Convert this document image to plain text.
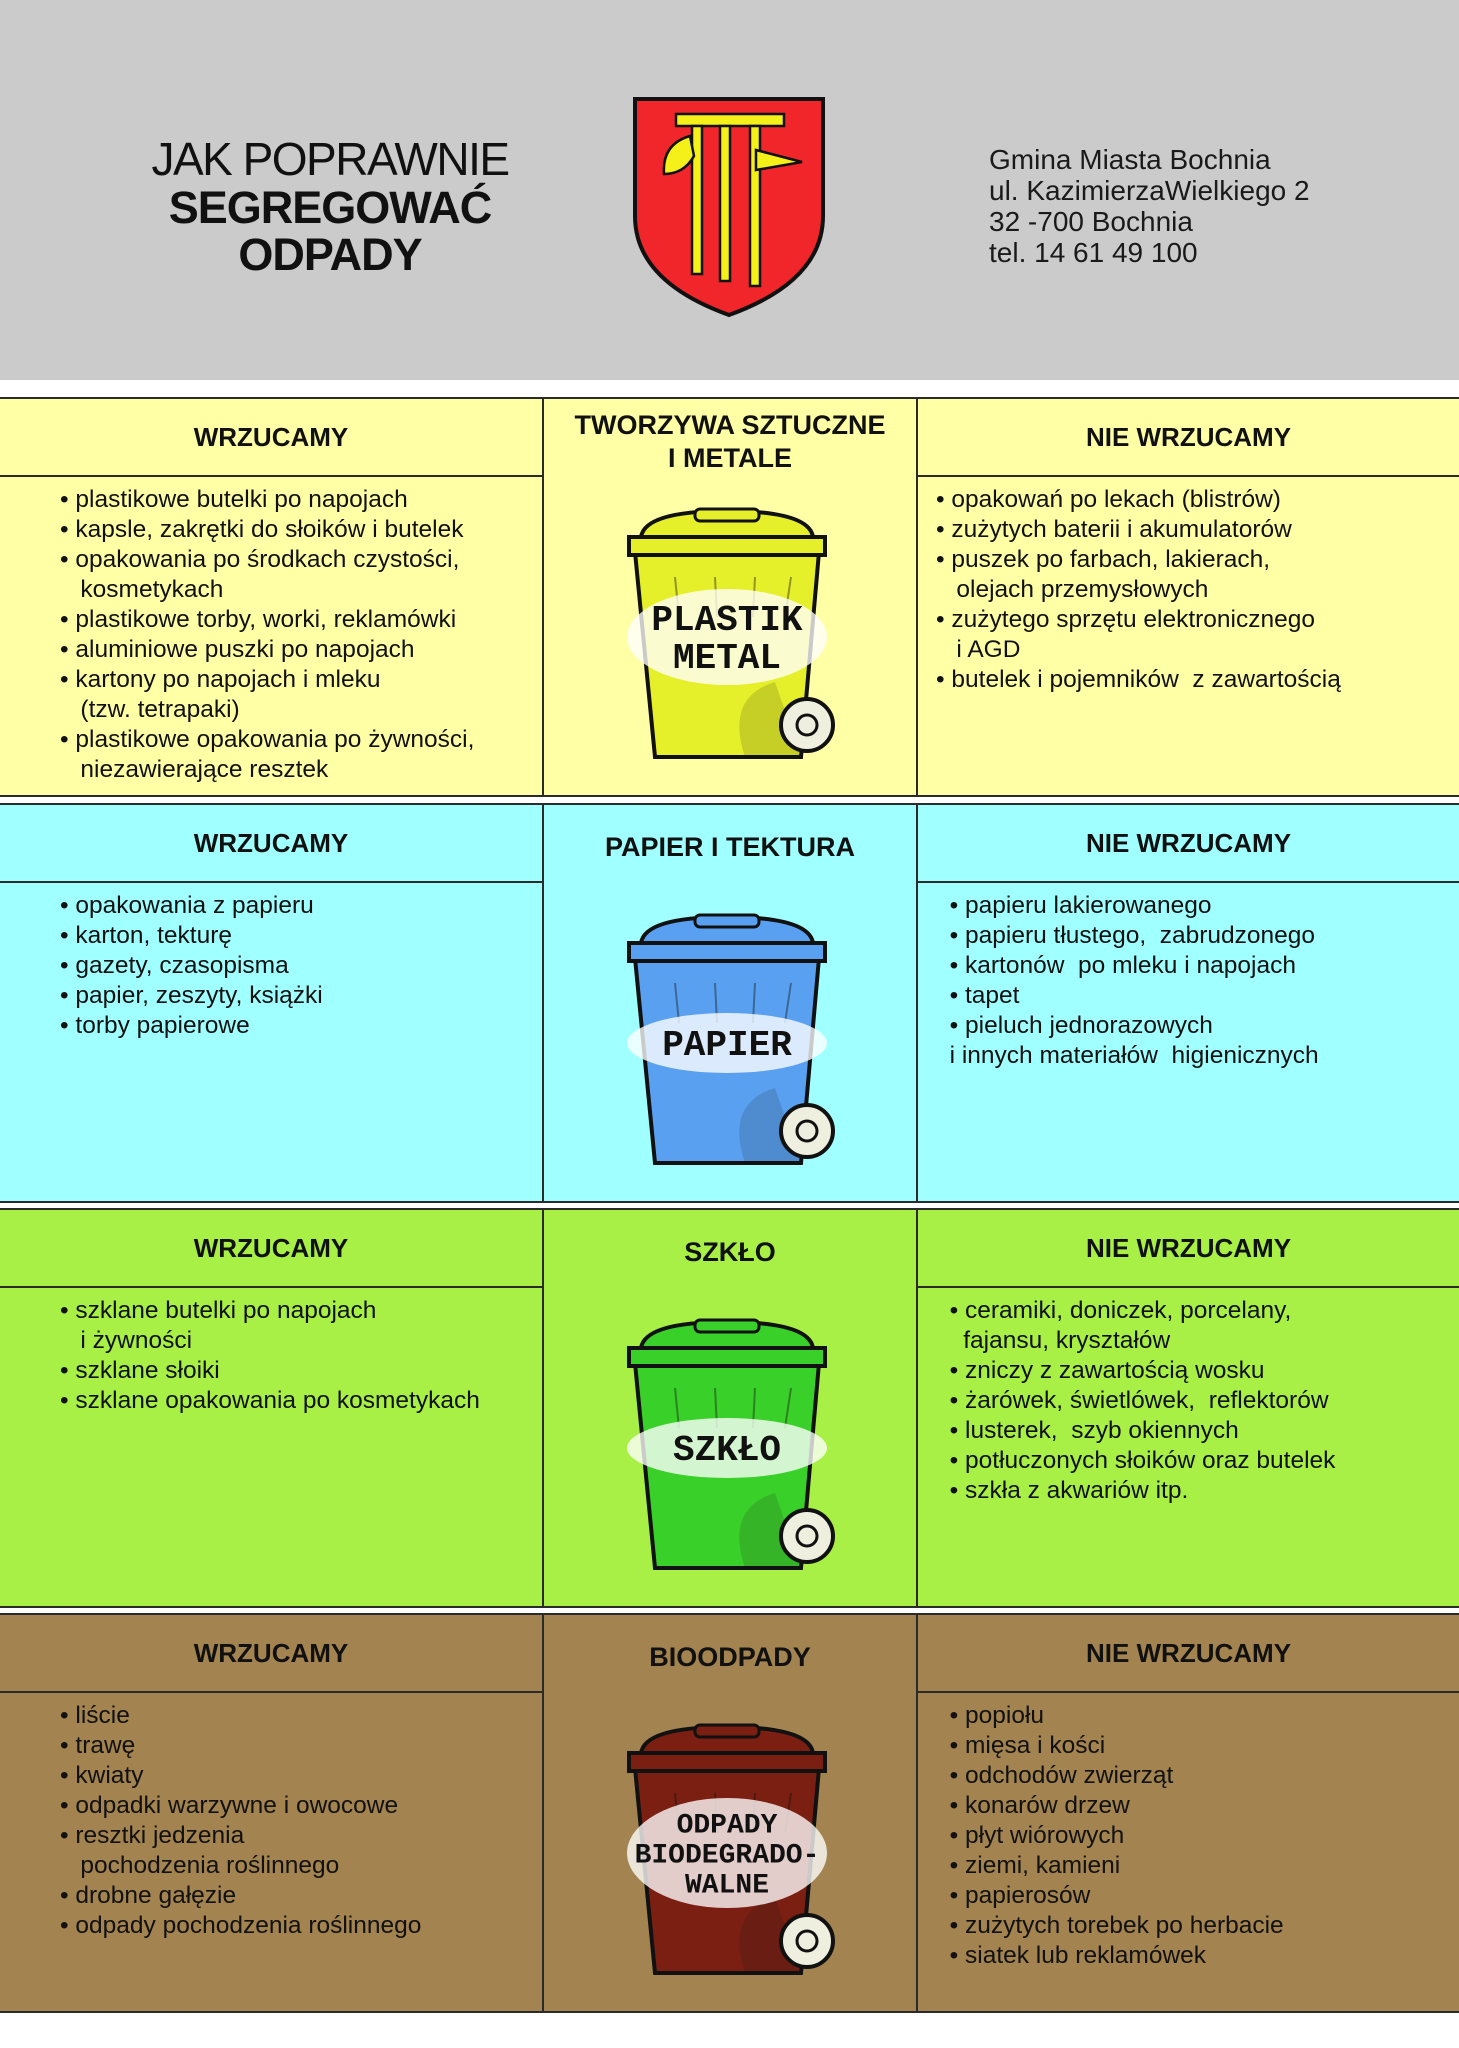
JAK POPRAWNIE
SEGREGOWAĆ
ODPADY
Gmina Miasta Bochnia
ul. KazimierzaWielkiego 2
32 -700 Bochnia
tel. 14 61 49 100
WRZUCAMY
• plastikowe butelki po napojach
• kapsle, zakrętki do słoików i butelek
• opakowania po środkach czystości,
kosmetykach
• plastikowe torby, worki, reklamówki
• aluminiowe puszki po napojach
• kartony po napojach i mleku
(tzw. tetrapaki)
• plastikowe opakowania po żywności,
niezawierające resztek
TWORZYWA SZTUCZNE
I METALE
PLASTIK
METAL
NIE WRZUCAMY
• opakowań po lekach (blistrów)
• zużytych baterii i akumulatorów
• puszek po farbach, lakierach,
olejach przemysłowych
• zużytego sprzętu elektronicznego
i AGD
• butelek i pojemników  z zawartością
WRZUCAMY
• opakowania z papieru
• karton, tekturę
• gazety, czasopisma
• papier, zeszyty, książki
• torby papierowe
PAPIER I TEKTURA
PAPIER
NIE WRZUCAMY
• papieru lakierowanego
• papieru tłustego,  zabrudzonego
• kartonów  po mleku i napojach
• tapet
• pieluch jednorazowych
i innych materiałów  higienicznych
WRZUCAMY
• szklane butelki po napojach
i żywności
• szklane słoiki
• szklane opakowania po kosmetykach
SZKŁO
SZKŁO
NIE WRZUCAMY
• ceramiki, doniczek, porcelany,
fajansu, kryształów
• zniczy z zawartością wosku
• żarówek, świetlówek,  reflektorów
• lusterek,  szyb okiennych
• potłuczonych słoików oraz butelek
• szkła z akwariów itp.
WRZUCAMY
• liście
• trawę
• kwiaty
• odpadki warzywne i owocowe
• resztki jedzenia
pochodzenia roślinnego
• drobne gałęzie
• odpady pochodzenia roślinnego
BIOODPADY
ODPADY
BIODEGRADO-
WALNE
NIE WRZUCAMY
• popiołu
• mięsa i kości
• odchodów zwierząt
• konarów drzew
• płyt wiórowych
• ziemi, kamieni
• papierosów
• zużytych torebek po herbacie
• siatek lub reklamówek
